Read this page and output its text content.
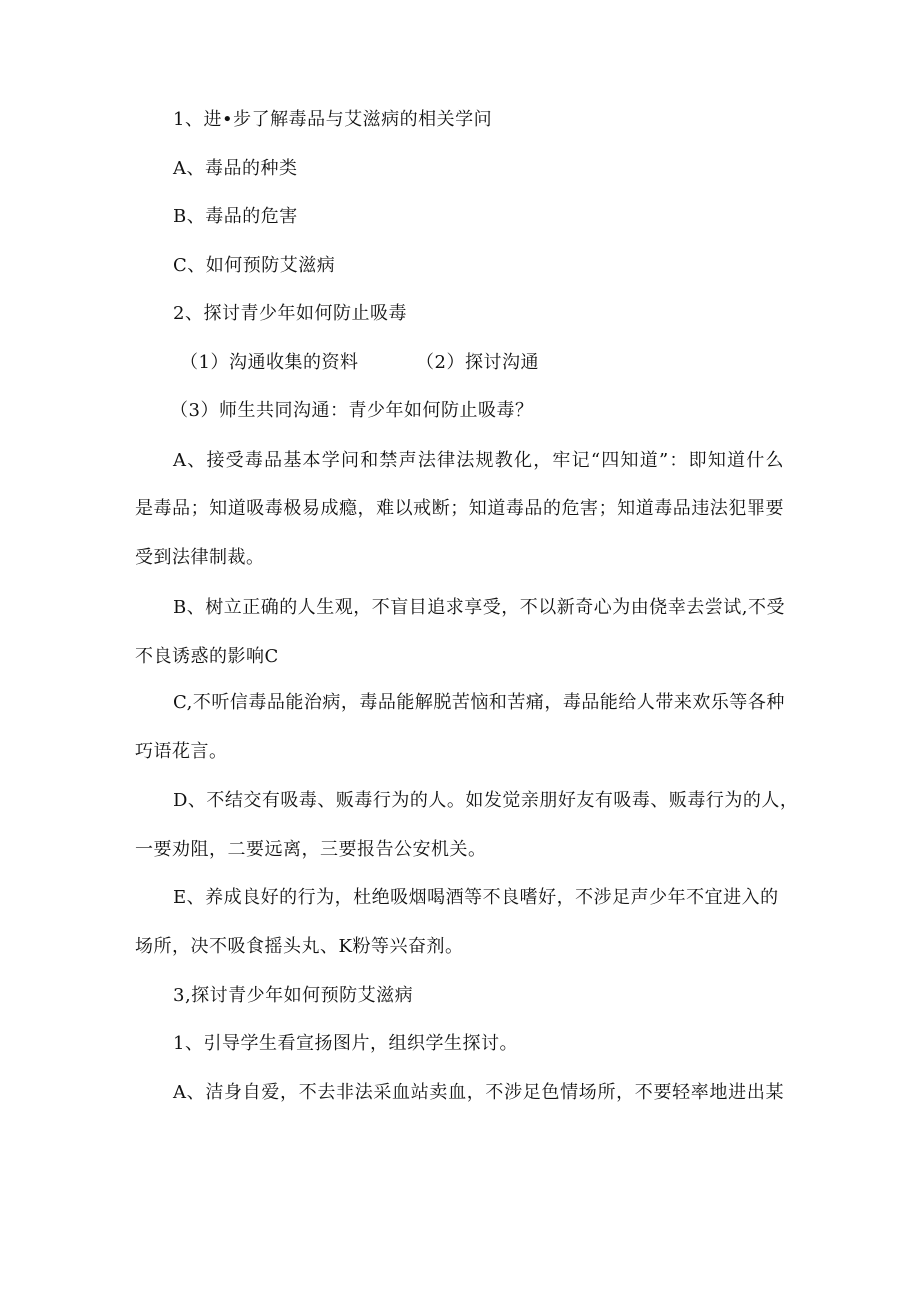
1、进•步了解毒品与艾滋病的相关学问
A、毒品的种类
B、毒品的危害
C、如何预防艾滋病
2、探讨青少年如何防止吸毒
（1）沟通收集的资料	（2）探讨沟通
（3）师生共同沟通：青少年如何防止吸毒？
A、接受毒品基本学问和禁声法律法规教化，牢记“四知道”：即知道什么
是毒品；知道吸毒极易成瘾，难以戒断；知道毒品的危害；知道毒品违法犯罪要
受到法律制裁。
B、树立正确的人生观，不盲目追求享受，不以新奇心为由侥幸去尝试,不受
不良诱惑的影响C
C,不听信毒品能治病，毒品能解脱苦恼和苦痛，毒品能给人带来欢乐等各种
巧语花言。
D、不结交有吸毒、贩毒行为的人。如发觉亲朋好友有吸毒、贩毒行为的人，
一要劝阻，二要远离，三要报告公安机关。
E、养成良好的行为，杜绝吸烟喝酒等不良嗜好，不涉足声少年不宜进入的
场所，决不吸食摇头丸、K粉等兴奋剂。
3,探讨青少年如何预防艾滋病
1、引导学生看宣扬图片，组织学生探讨。
A、洁身自爱，不去非法采血站卖血，不涉足色情场所，不要轻率地进出某
